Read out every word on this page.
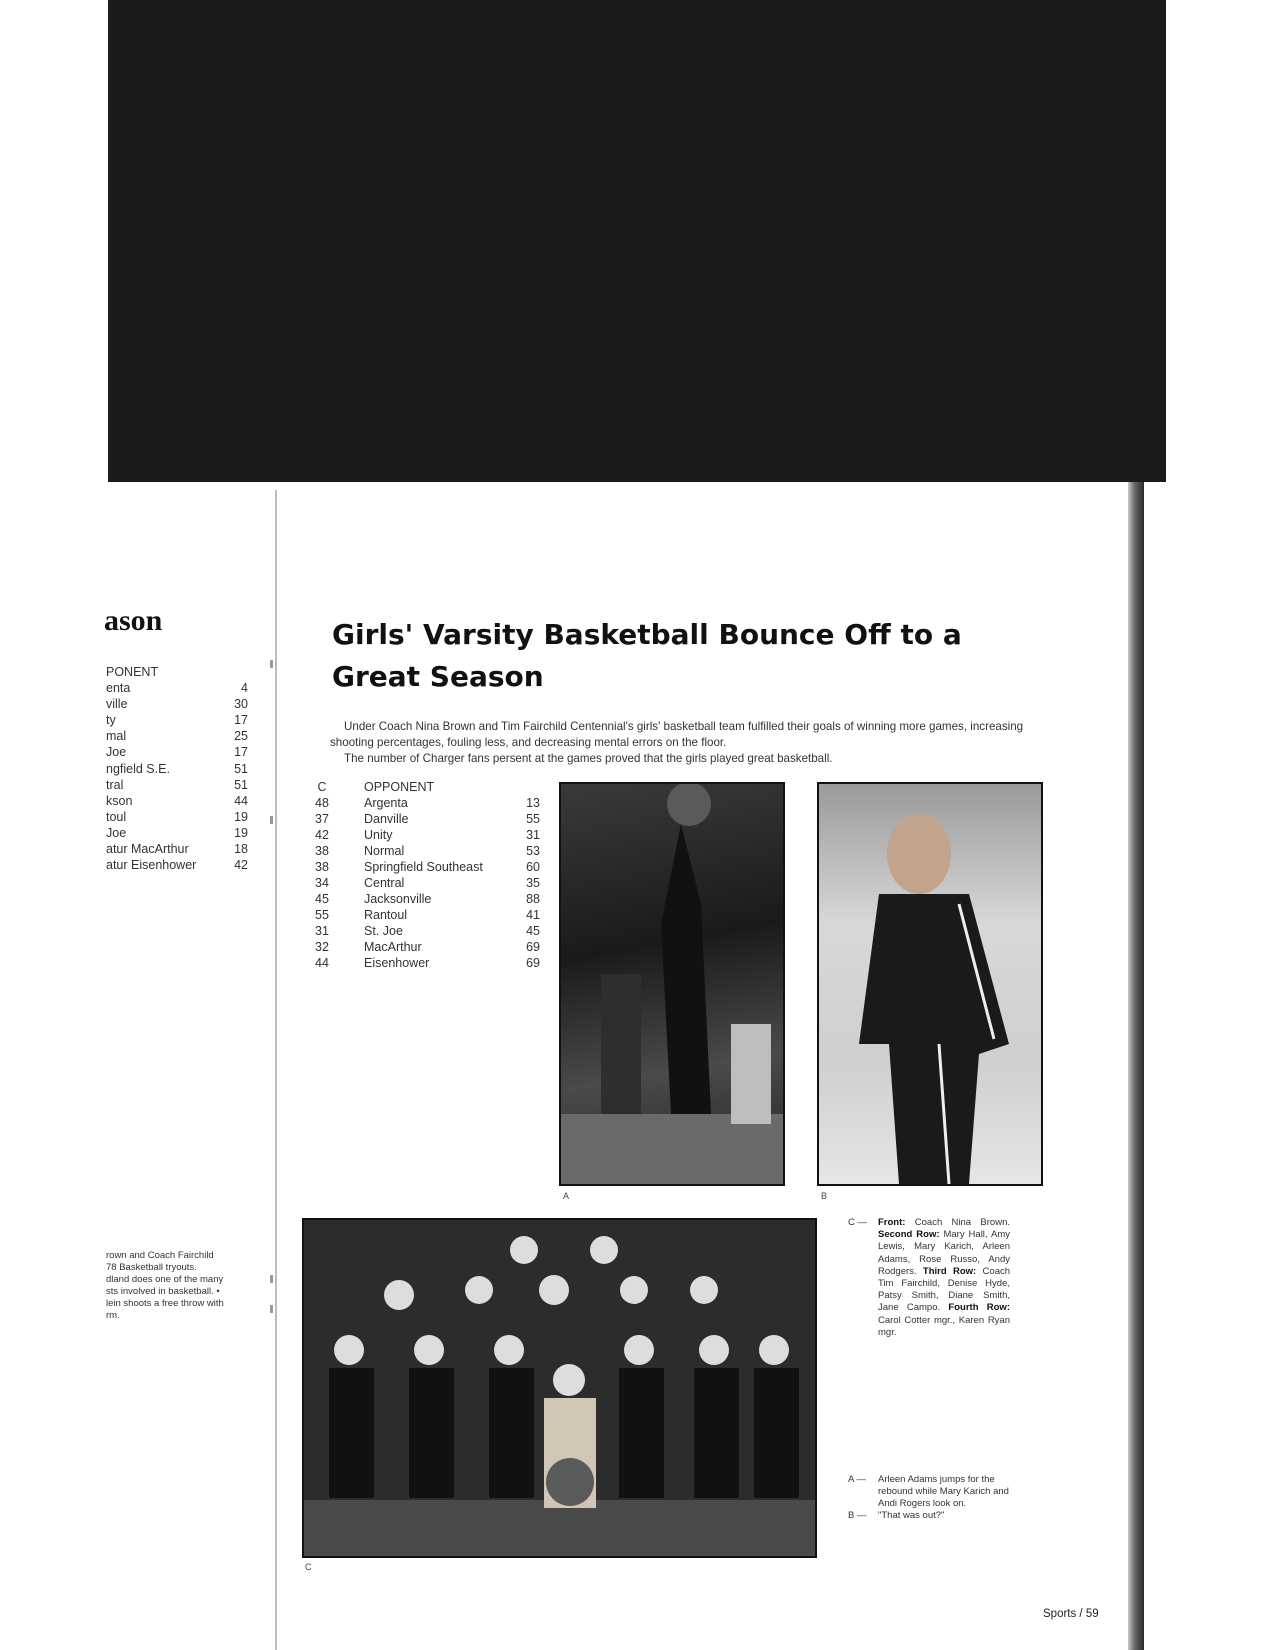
ason
PONENT
enta	4
ville	30
ty	17
mal	25
Joe	17
ngfield S.E.	51
tral	51
kson	44
toul	19
Joe	19
atur MacArthur	18
atur Eisenhower	42
rown and Coach Fairchild
78 Basketball tryouts.
dland does one of the many
sts involved in basketball. •
lein shoots a free throw with
rm.
Girls' Varsity Basketball Bounce Off to a Great Season

Under Coach Nina Brown and Tim Fairchild Centennial's girls' basketball team fulfilled their goals of winning more games, increasing shooting percentages, fouling less, and decreasing mental errors on the floor.

The number of Charger fans persent at the games proved that the girls played great basketball.

C	OPPONENT
48	Argenta	13
37	Danville	55
42	Unity	31
38	Normal	53
38	Springfield Southeast	60
34	Central	35
45	Jacksonville	88
55	Rantoul	41
31	St. Joe	45
32	MacArthur	69
44	Eisenhower	69
A	B
C
C — Front: Coach Nina Brown. Second Row: Mary Hall, Amy Lewis, Mary Karich, Arleen Adams, Rose Russo, Andy Rodgers. Third Row: Coach Tim Fairchild, Denise Hyde, Patsy Smith, Diane Smith, Jane Campo. Fourth Row: Carol Cotter mgr., Karen Ryan mgr.
A — Arleen Adams jumps for the rebound while Mary Karich and Andi Rogers look on.
B — "That was out?"
Sports / 59
